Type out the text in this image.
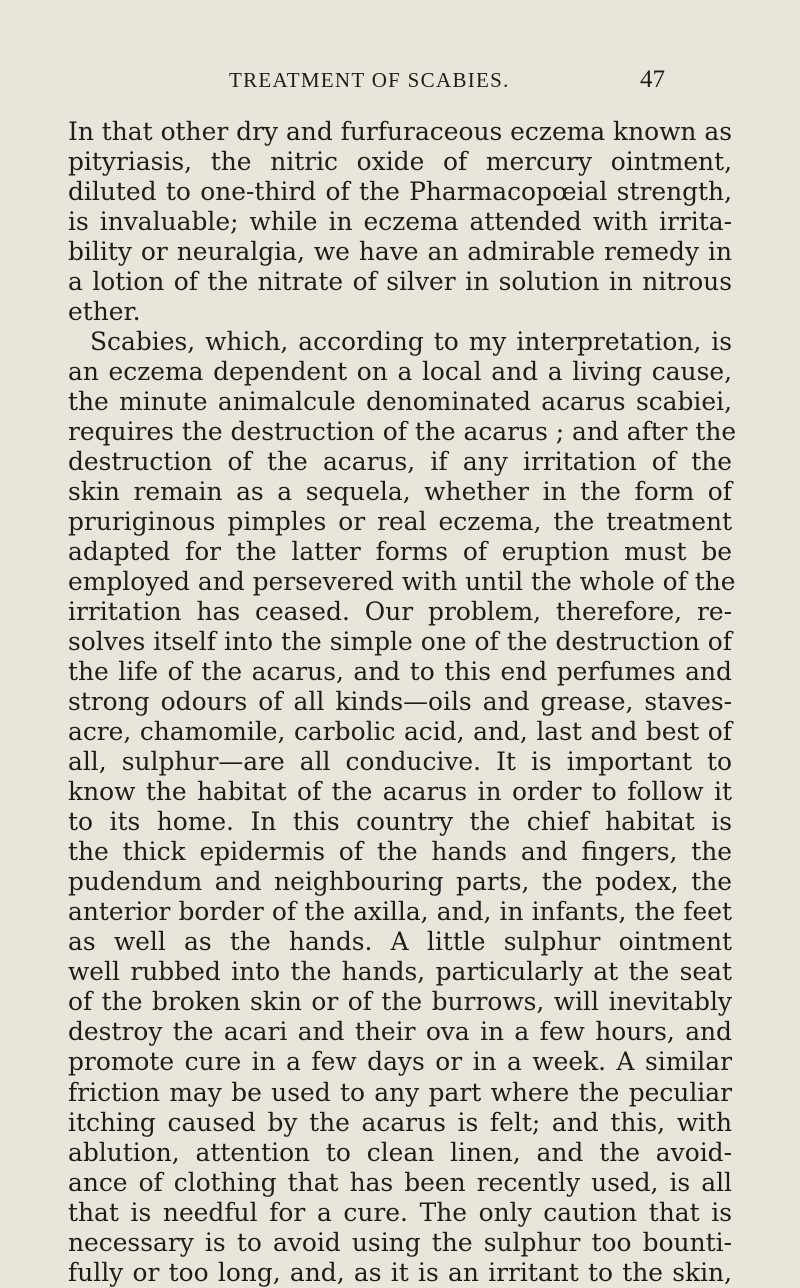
TREATMENT OF SCABIES.	47
In that other dry and furfuraceous eczema known as
pityriasis, the nitric oxide of mercury ointment,
diluted to one-third of the Pharmacopœial strength,
is invaluable; while in eczema attended with irrita-
bility or neuralgia, we have an admirable remedy in
a lotion of the nitrate of silver in solution in nitrous
ether.
Scabies, which, according to my interpretation, is
an eczema dependent on a local and a living cause,
the minute animalcule denominated acarus scabiei,
requires the destruction of the acarus ; and after the
destruction of the acarus, if any irritation of the
skin remain as a sequela, whether in the form of
pruriginous pimples or real eczema, the treatment
adapted for the latter forms of eruption must be
employed and persevered with until the whole of the
irritation has ceased. Our problem, therefore, re-
solves itself into the simple one of the destruction of
the life of the acarus, and to this end perfumes and
strong odours of all kinds—oils and grease, staves-
acre, chamomile, carbolic acid, and, last and best of
all, sulphur—are all conducive. It is important to
know the habitat of the acarus in order to follow it
to its home. In this country the chief habitat is
the thick epidermis of the hands and fingers, the
pudendum and neighbouring parts, the podex, the
anterior border of the axilla, and, in infants, the feet
as well as the hands. A little sulphur ointment
well rubbed into the hands, particularly at the seat
of the broken skin or of the burrows, will inevitably
destroy the acari and their ova in a few hours, and
promote cure in a few days or in a week. A similar
friction may be used to any part where the peculiar
itching caused by the acarus is felt; and this, with
ablution, attention to clean linen, and the avoid-
ance of clothing that has been recently used, is all
that is needful for a cure. The only caution that is
necessary is to avoid using the sulphur too bounti-
fully or too long, and, as it is an irritant to the skin,
